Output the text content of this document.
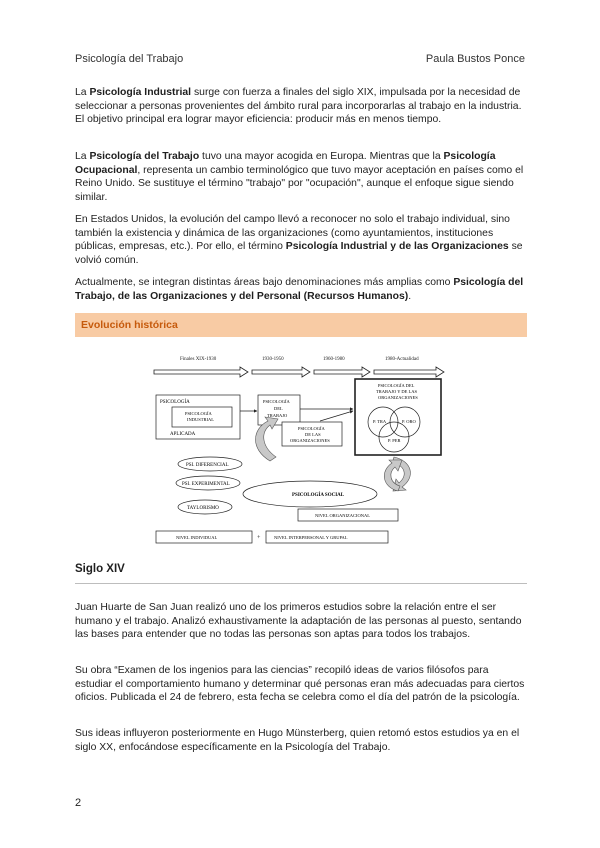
Psicología del Trabajo	Paula Bustos Ponce

La Psicología Industrial surge con fuerza a finales del siglo XIX, impulsada por la necesidad de seleccionar a personas provenientes del ámbito rural para incorporarlas al trabajo en la industria. El objetivo principal era lograr mayor eficiencia: producir más en menos tiempo.

La Psicología del Trabajo tuvo una mayor acogida en Europa. Mientras que la Psicología Ocupacional, representa un cambio terminológico que tuvo mayor aceptación en países como el Reino Unido. Se sustituye el término "trabajo" por "ocupación", aunque el enfoque sigue siendo similar.

En Estados Unidos, la evolución del campo llevó a reconocer no solo el trabajo individual, sino también la existencia y dinámica de las organizaciones (como ayuntamientos, instituciones públicas, empresas, etc.). Por ello, el término Psicología Industrial y de las Organizaciones se volvió común.

Actualmente, se integran distintas áreas bajo denominaciones más amplias como Psicología del Trabajo, de las Organizaciones y del Personal (Recursos Humanos).

Evolución histórica
Finales XIX-1930	1930-1950	1960-1980	1980-Actualidad
PSICOLOGÍA
PSICOLOGÍA
INDUSTRIAL
APLICADA
PSICOLOGÍA
DEL
TRABAJO
PSICOLOGÍA
DE LAS
ORGANIZACIONES
PSICOLOGÍA DEL
TRABAJO Y DE LAS
ORGANIZACIONES
P. TRA	P. ORO
P. PER
PSI. DIFERENCIAL
PSI. EXPERIMENTAL
TAYLORISMO
PSICOLOGÍA SOCIAL
NIVEL ORGANIZACIONAL
NIVEL INDIVIDUAL	+	NIVEL INTERPERSONAL Y GRUPAL
Siglo XIV

Juan Huarte de San Juan realizó uno de los primeros estudios sobre la relación entre el ser humano y el trabajo. Analizó exhaustivamente la adaptación de las personas al puesto, sentando las bases para entender que no todas las personas son aptas para todos los trabajos.

Su obra “Examen de los ingenios para las ciencias” recopiló ideas de varios filósofos para estudiar el comportamiento humano y determinar qué personas eran más adecuadas para ciertos oficios. Publicada el 24 de febrero, esta fecha se celebra como el día del patrón de la psicología.

Sus ideas influyeron posteriormente en Hugo Münsterberg, quien retomó estos estudios ya en el siglo XX, enfocándose específicamente en la Psicología del Trabajo.

2
